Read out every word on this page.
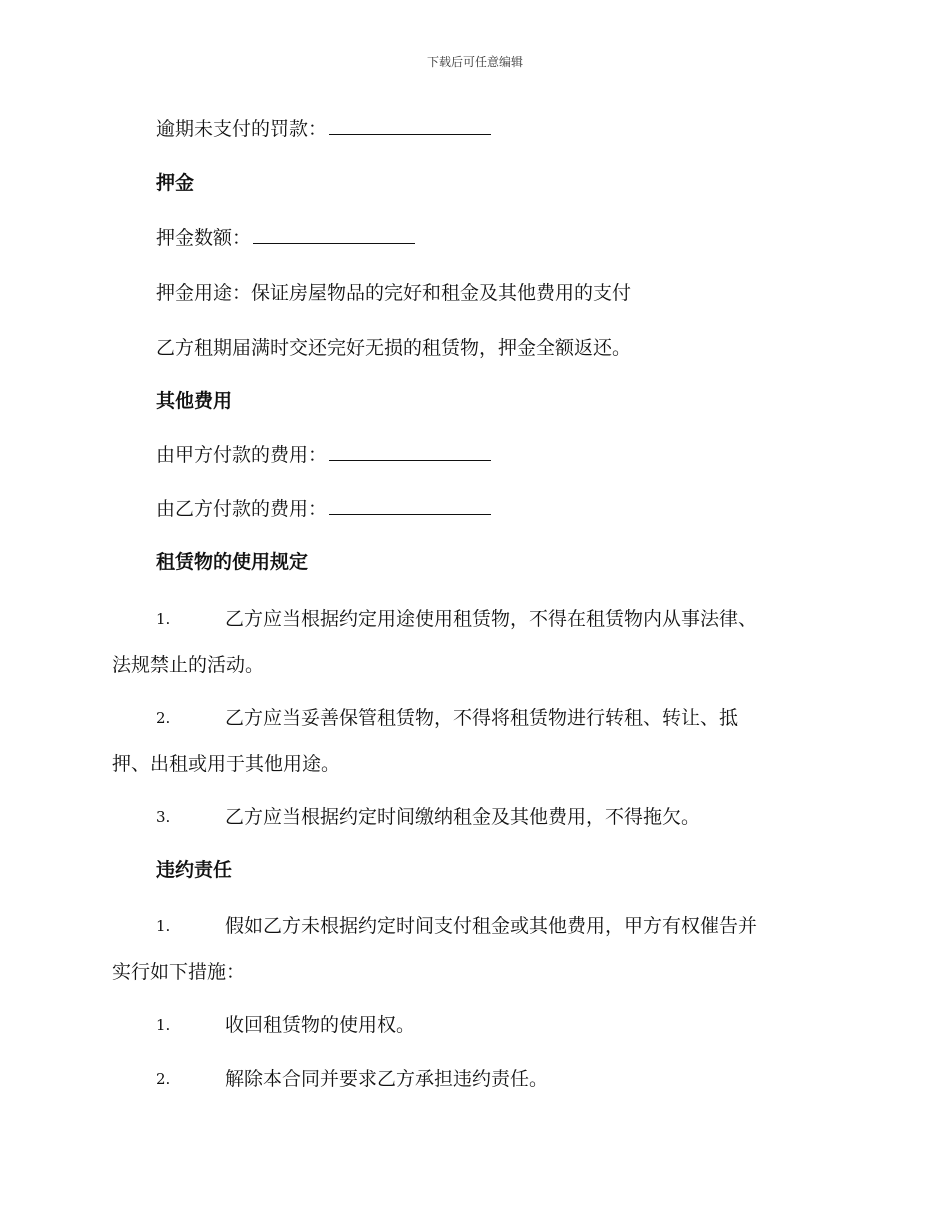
下载后可任意编辑
逾期未支付的罚款：
押金
押金数额：
押金用途：保证房屋物品的完好和租金及其他费用的支付
乙方租期届满时交还完好无损的租赁物，押金全额返还。
其他费用
由甲方付款的费用：
由乙方付款的费用：
租赁物的使用规定
1.	乙方应当根据约定用途使用租赁物，不得在租赁物内从事法律、
法规禁止的活动。
2.	乙方应当妥善保管租赁物，不得将租赁物进行转租、转让、抵
押、出租或用于其他用途。
3.	乙方应当根据约定时间缴纳租金及其他费用，不得拖欠。
违约责任
1.	假如乙方未根据约定时间支付租金或其他费用，甲方有权催告并
实行如下措施：
1.	收回租赁物的使用权。
2.	解除本合同并要求乙方承担违约责任。
